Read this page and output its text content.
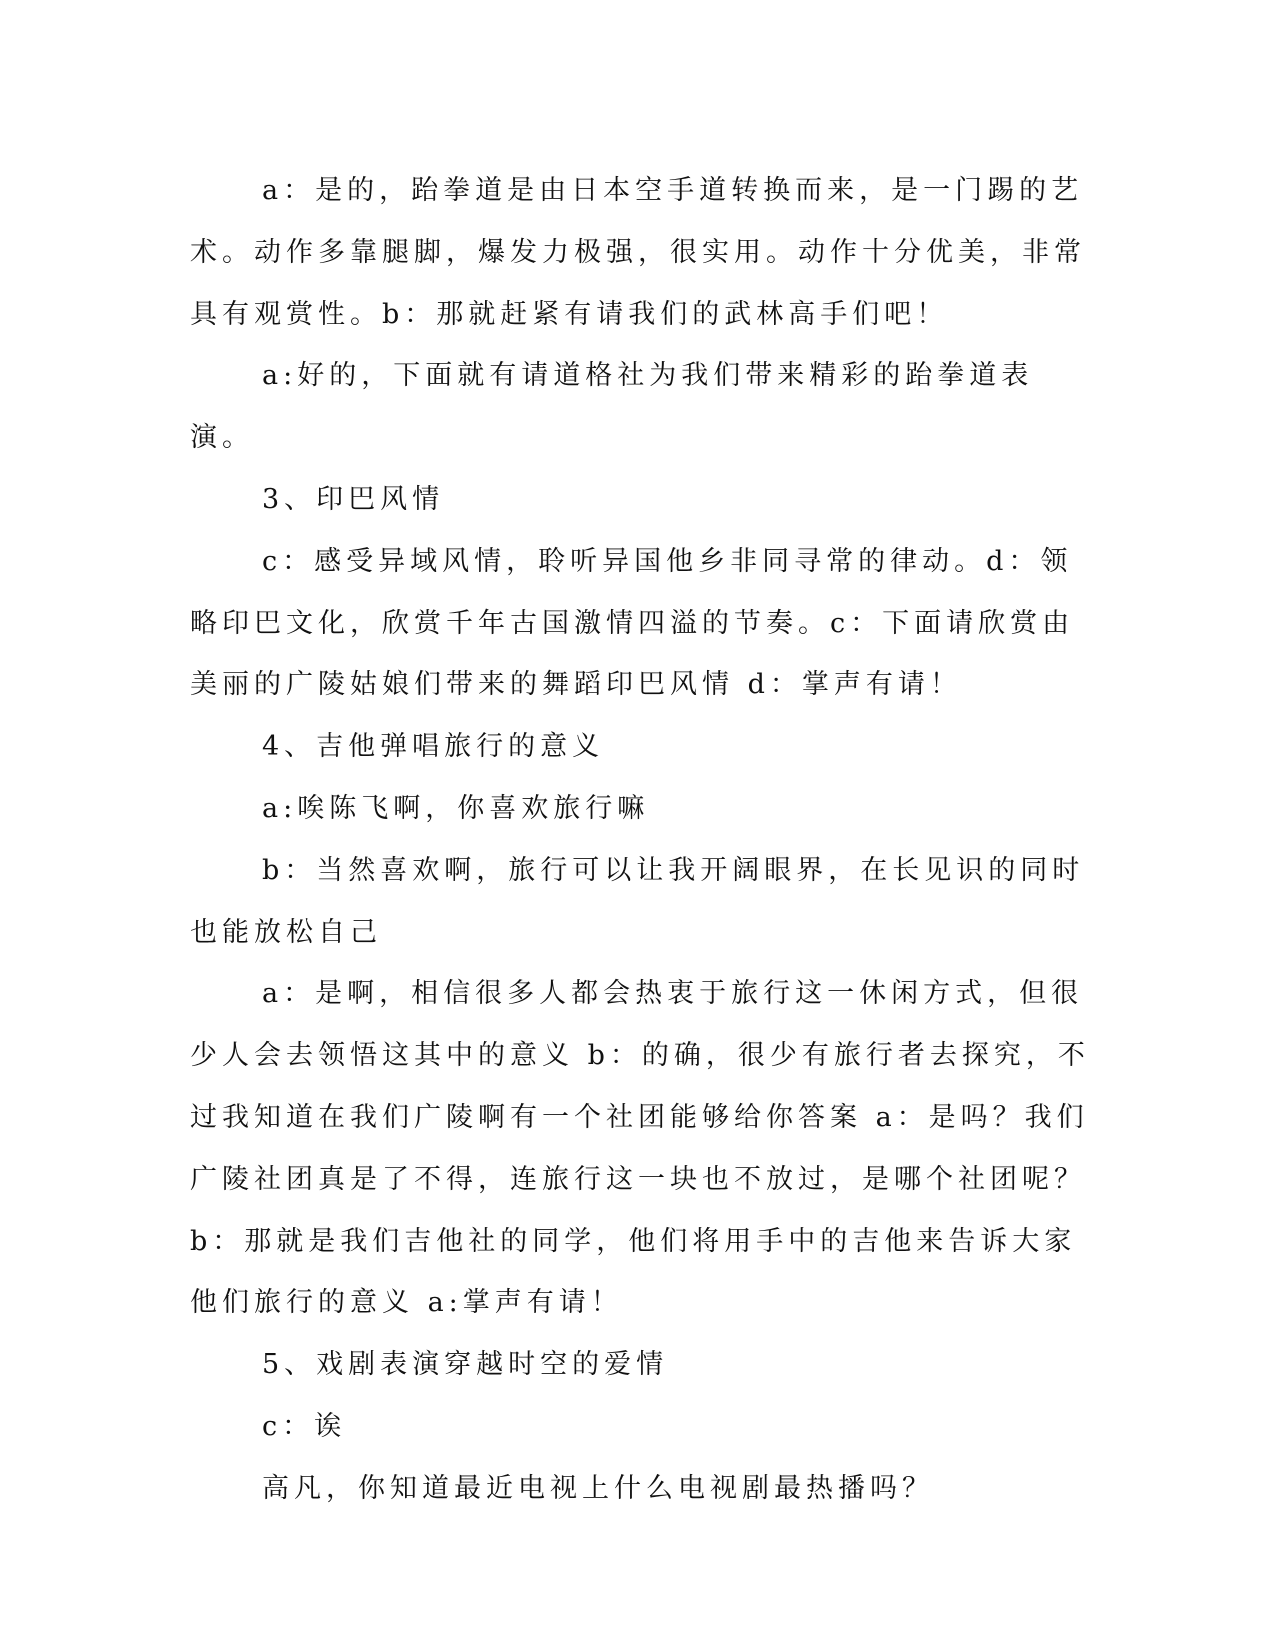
a：是的，跆拳道是由日本空手道转换而来，是一门踢的艺术。动作多靠腿脚，爆发力极强，很实用。动作十分优美，非常具有观赏性。b：那就赶紧有请我们的武林高手们吧！

a:好的，下面就有请道格社为我们带来精彩的跆拳道表演。

3、印巴风情

c：感受异域风情，聆听异国他乡非同寻常的律动。d：领略印巴文化，欣赏千年古国激情四溢的节奏。c：下面请欣赏由美丽的广陵姑娘们带来的舞蹈印巴风情 d：掌声有请！

4、吉他弹唱旅行的意义

a:唉陈飞啊，你喜欢旅行嘛

b：当然喜欢啊，旅行可以让我开阔眼界，在长见识的同时也能放松自己

a：是啊，相信很多人都会热衷于旅行这一休闲方式，但很少人会去领悟这其中的意义 b：的确，很少有旅行者去探究，不过我知道在我们广陵啊有一个社团能够给你答案 a：是吗？我们广陵社团真是了不得，连旅行这一块也不放过，是哪个社团呢？b：那就是我们吉他社的同学，他们将用手中的吉他来告诉大家他们旅行的意义 a:掌声有请！

5、戏剧表演穿越时空的爱情

c：诶

高凡，你知道最近电视上什么电视剧最热播吗？
